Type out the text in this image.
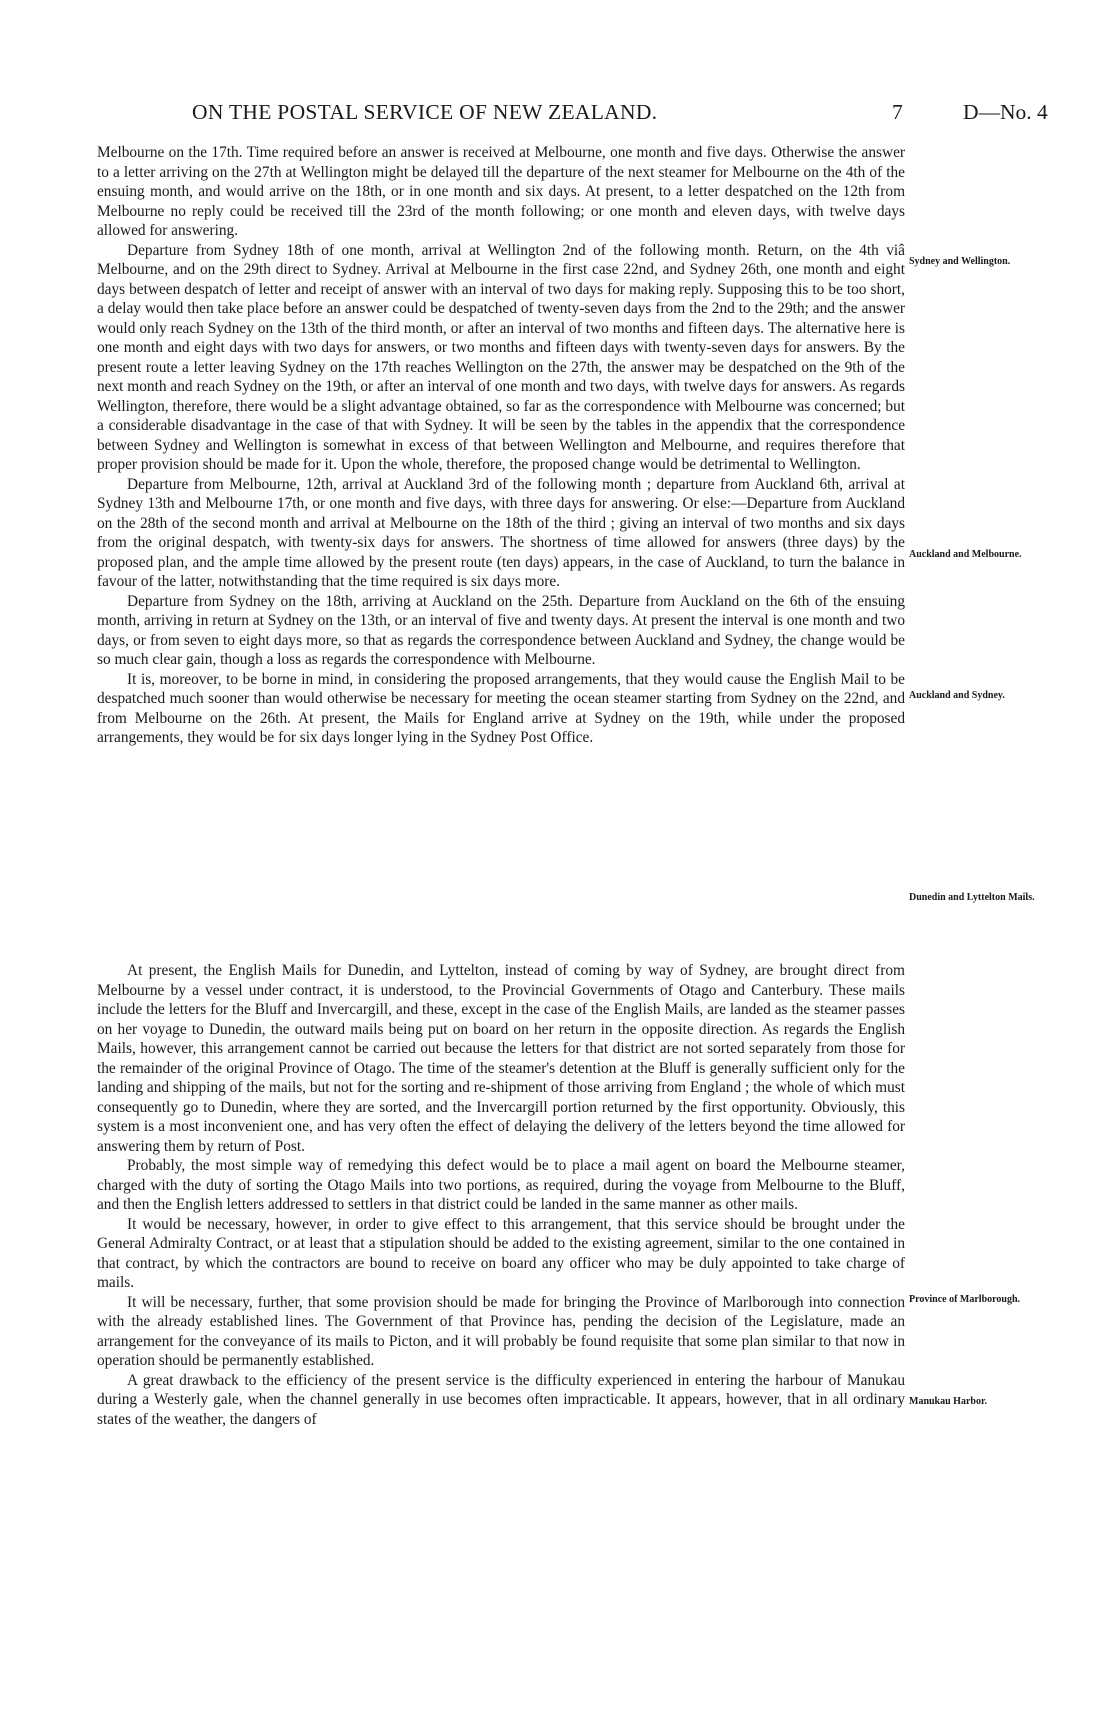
ON THE POSTAL SERVICE OF NEW ZEALAND.	7	D—No. 4

Melbourne on the 17th. Time required before an answer is received at Melbourne, one month and five days. Otherwise the answer to a letter arriving on the 27th at Wellington might be delayed till the departure of the next steamer for Melbourne on the 4th of the ensuing month, and would arrive on the 18th, or in one month and six days. At present, to a letter despatched on the 12th from Melbourne no reply could be received till the 23rd of the month following; or one month and eleven days, with twelve days allowed for answering.

Departure from Sydney 18th of one month, arrival at Wellington 2nd of the following month. Return, on the 4th viâ Melbourne, and on the 29th direct to Sydney. Arrival at Melbourne in the first case 22nd, and Sydney 26th, one month and eight days between despatch of letter and receipt of answer with an interval of two days for making reply. Supposing this to be too short, a delay would then take place before an answer could be despatched of twenty-seven days from the 2nd to the 29th; and the answer would only reach Sydney on the 13th of the third month, or after an interval of two months and fifteen days. The alternative here is one month and eight days with two days for answers, or two months and fifteen days with twenty-seven days for answers. By the present route a letter leaving Sydney on the 17th reaches Wellington on the 27th, the answer may be despatched on the 9th of the next month and reach Sydney on the 19th, or after an interval of one month and two days, with twelve days for answers. As regards Wellington, therefore, there would be a slight advantage obtained, so far as the correspondence with Melbourne was concerned; but a considerable disadvantage in the case of that with Sydney. It will be seen by the tables in the appendix that the correspondence between Sydney and Wellington is somewhat in excess of that between Wellington and Melbourne, and requires therefore that proper provision should be made for it. Upon the whole, therefore, the proposed change would be detrimental to Wellington.

Departure from Melbourne, 12th, arrival at Auckland 3rd of the following month ; departure from Auckland 6th, arrival at Sydney 13th and Melbourne 17th, or one month and five days, with three days for answering. Or else:—Departure from Auckland on the 28th of the second month and arrival at Melbourne on the 18th of the third ; giving an interval of two months and six days from the original despatch, with twenty-six days for answers. The shortness of time allowed for answers (three days) by the proposed plan, and the ample time allowed by the present route (ten days) appears, in the case of Auckland, to turn the balance in favour of the latter, notwithstanding that the time required is six days more.

Departure from Sydney on the 18th, arriving at Auckland on the 25th. Departure from Auckland on the 6th of the ensuing month, arriving in return at Sydney on the 13th, or an interval of five and twenty days. At present the interval is one month and two days, or from seven to eight days more, so that as regards the correspondence between Auckland and Sydney, the change would be so much clear gain, though a loss as regards the correspondence with Melbourne.

It is, moreover, to be borne in mind, in considering the proposed arrangements, that they would cause the English Mail to be despatched much sooner than would otherwise be necessary for meeting the ocean steamer starting from Sydney on the 22nd, and from Melbourne on the 26th. At present, the Mails for England arrive at Sydney on the 19th, while under the proposed arrangements, they would be for six days longer lying in the Sydney Post Office.

At present, the English Mails for Dunedin, and Lyttelton, instead of coming by way of Sydney, are brought direct from Melbourne by a vessel under contract, it is understood, to the Provincial Governments of Otago and Canterbury. These mails include the letters for the Bluff and Invercargill, and these, except in the case of the English Mails, are landed as the steamer passes on her voyage to Dunedin, the outward mails being put on board on her return in the opposite direction. As regards the English Mails, however, this arrangement cannot be carried out because the letters for that district are not sorted separately from those for the remainder of the original Province of Otago. The time of the steamer's detention at the Bluff is generally sufficient only for the landing and shipping of the mails, but not for the sorting and re-shipment of those arriving from England ; the whole of which must consequently go to Dunedin, where they are sorted, and the Invercargill portion returned by the first opportunity. Obviously, this system is a most inconvenient one, and has very often the effect of delaying the delivery of the letters beyond the time allowed for answering them by return of Post.

Probably, the most simple way of remedying this defect would be to place a mail agent on board the Melbourne steamer, charged with the duty of sorting the Otago Mails into two portions, as required, during the voyage from Melbourne to the Bluff, and then the English letters addressed to settlers in that district could be landed in the same manner as other mails.

It would be necessary, however, in order to give effect to this arrangement, that this service should be brought under the General Admiralty Contract, or at least that a stipulation should be added to the existing agreement, similar to the one contained in that contract, by which the contractors are bound to receive on board any officer who may be duly appointed to take charge of mails.

It will be necessary, further, that some provision should be made for bringing the Province of Marlborough into connection with the already established lines. The Government of that Province has, pending the decision of the Legislature, made an arrangement for the conveyance of its mails to Picton, and it will probably be found requisite that some plan similar to that now in operation should be permanently established.

A great drawback to the efficiency of the present service is the difficulty experienced in entering the harbour of Manukau during a Westerly gale, when the channel generally in use becomes often impracticable. It appears, however, that in all ordinary states of the weather, the dangers of

Sydney and Wellington.
Auckland and Melbourne.
Auckland and Sydney.
Dunedin and Lyttelton Mails.
Province of Marlborough.
Manukau Harbor.
